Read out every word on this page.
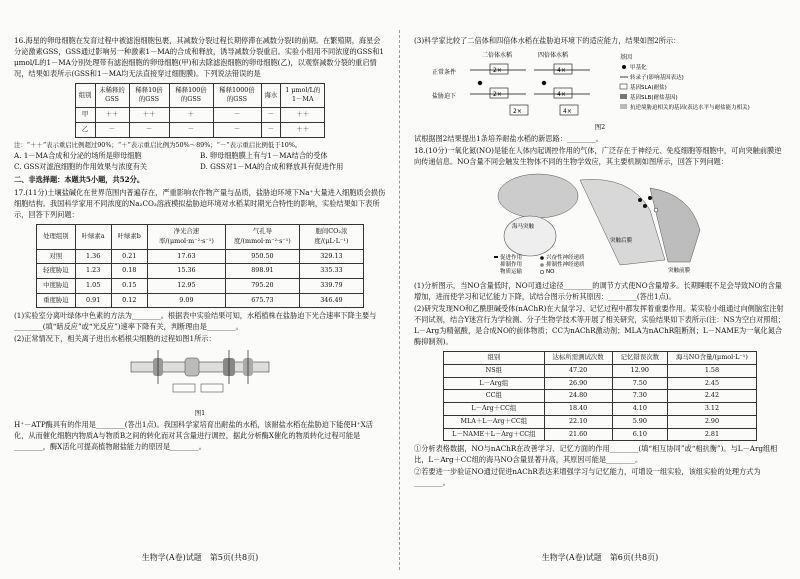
16.海星的卵母细胞在发育过程中被滤泡细胞包裹，其减数分裂过程长期停滞在减数分裂Ⅰ的前期。在繁殖期，海星会分泌激素GSS，GSS通过影响另一种激素1－MA的合成和释放，诱导减数分裂重启。实验小组用不同浓度的GSS和1 μmol/L的1－MA分别处理带有滤泡细胞的卵母细胞(甲)和去除滤泡细胞的卵母细胞(乙)，以观察减数分裂的重启情况，结果如表所示(GSS和1－MA均无法直接穿过细胞膜)。下列说法错误的是

组别	未稀释的GSS	稀释10倍的GSS	稀释100倍的GSS	稀释1000倍的GSS	海水	1 μmol/L的1－MA
甲	＋＋	＋＋	＋	－	－	＋＋
乙	－	－	－	－	－	＋＋

注：“＋＋”表示重启比例超过90%；“＋”表示重启比例为50%～89%；“－”表示重启比例低于10%。

A. 1－MA合成和分泌的场所是卵母细胞	B. 卵母细胞膜上有与1－MA结合的受体
C. GSS对滤泡细胞的作用效果与浓度有关	D. GSS对1－MA的合成和释放具有促进作用

二、非选择题：本题共5小题，共52分。

17.(11分)土壤盐碱化在世界范围内普遍存在，严重影响农作物产量与品质，盐胁迫环境下Na⁺大量进入细胞质会损伤细胞结构。我国科学家用不同浓度的Na₂CO₃溶液模拟盐胁迫环境对水稻某时期光合特性的影响，实验结果如下表所示，回答下列问题：

处理组别	叶绿素a	叶绿素b	净光合速率/(μmol·m⁻²·s⁻¹)	气孔导度/(mmol·m⁻²·s⁻¹)	胞间CO₂浓度/(μL·L⁻¹)
对照	1.36	0.21	17.63	950.50	329.13
轻度胁迫	1.23	0.18	15.36	898.91	335.33
中度胁迫	1.05	0.15	12.95	795.20	339.79
重度胁迫	0.91	0.12	9.09	675.73	346.49

(1)实验室分离叶绿体中色素的方法为________。根据表中实验结果可知，水稻植株在盐胁迫下光合速率下降主要与________(填“暗反应”或“光反应”)速率下降有关，判断理由是________。

(2)正常情况下，相关离子进出水稻根尖细胞的过程如图1所示：

图1

H⁺－ATP酶具有的作用是________(答出1点)。我国科学家培育出耐盐的水稻，该耐盐水稻在盐胁迫下能使H⁺X活化，从而催化细胞内物质A与物质B之间的转化而对其含量进行调控，据此分析酶X催化的物质转化过程可能是________，酶X活化可提高植物耐盐能力的原因是________。

生物学(A卷)试题　第5页(共8页)

(3)科学家比较了二倍体和四倍体水稻在盐胁迫环境下的适应能力，结果如图2所示：

二倍体水稻	四倍体水稻
正常条件
盐胁迫下
2×	4×
2×	4×
2×	4×
基因
甲基化
转录子(影响基因表达)
基因SLA(耐盐)
基因SLB(耐盐基因)
抗逆境胁迫相关的基因(表达水平与耐盐能力相关)

图2

试根据图2结果提出1条培养耐盐水稻的新思路：________。

18.(10分)一氧化氮(NO)是能在人体内起调控作用的气体，广泛存在于神经元、免疫细胞等细胞中，可向突触前膜逆向传递信息。NO含量不同会触发生物体不同的生物学效应，其主要机制如图所示，回答下列问题：

海马突触
突触后膜
突触前膜
促进作用
抑制作用
物质运输
兴奋性神经递质
抑制性神经递质
NO

(1)分析图示，当NO含量低时，NO可通过途径________的调节方式使NO含量增多。长期睡眠不足会导致NO的含量增加，进而使学习和记忆能力下降，试结合图示分析其原因：________(答出1点)。

(2)研究发现NO和乙酰胆碱受体(nAChR)在大鼠学习、记忆过程中都发挥着重要作用。某实验小组通过向侧脑室注射不同试剂，结合Y迷宫行为学检测、分子生物学技术等开展了相关研究，实验结果如下表所示(注：NS为空白对照组；L－Arg为精氨酸，是合成NO的前体物质；CC为nAChR激动剂；MLA为nAChR阻断剂；L－NAME为一氧化氮合酶抑制剂)。

组别	达标所需测试次数	记忆错误次数	海马NO含量/(μmol·L⁻¹)
NS组	47.20	12.90	1.58
L－Arg组	26.90	7.50	2.45
CC组	24.80	7.30	2.42
L－Arg＋CC组	18.40	4.10	3.12
MLA＋L－Arg＋CC组	22.10	5.90	2.90
L－NAME＋L－Arg＋CC组	21.60	6.10	2.81

①分析表格数据，NO与nAChR在改善学习、记忆方面的作用________(填“相互协同”或“相抗衡”)。与L－Arg组相比，L－Arg＋CC组的海马NO含量显著升高，其原因可能是________。

②若要进一步验证NO通过促进nAChR表达来增强学习与记忆能力，可增设一组实验，该组实验的处理方式为________。

生物学(A卷)试题　第6页(共8页)
